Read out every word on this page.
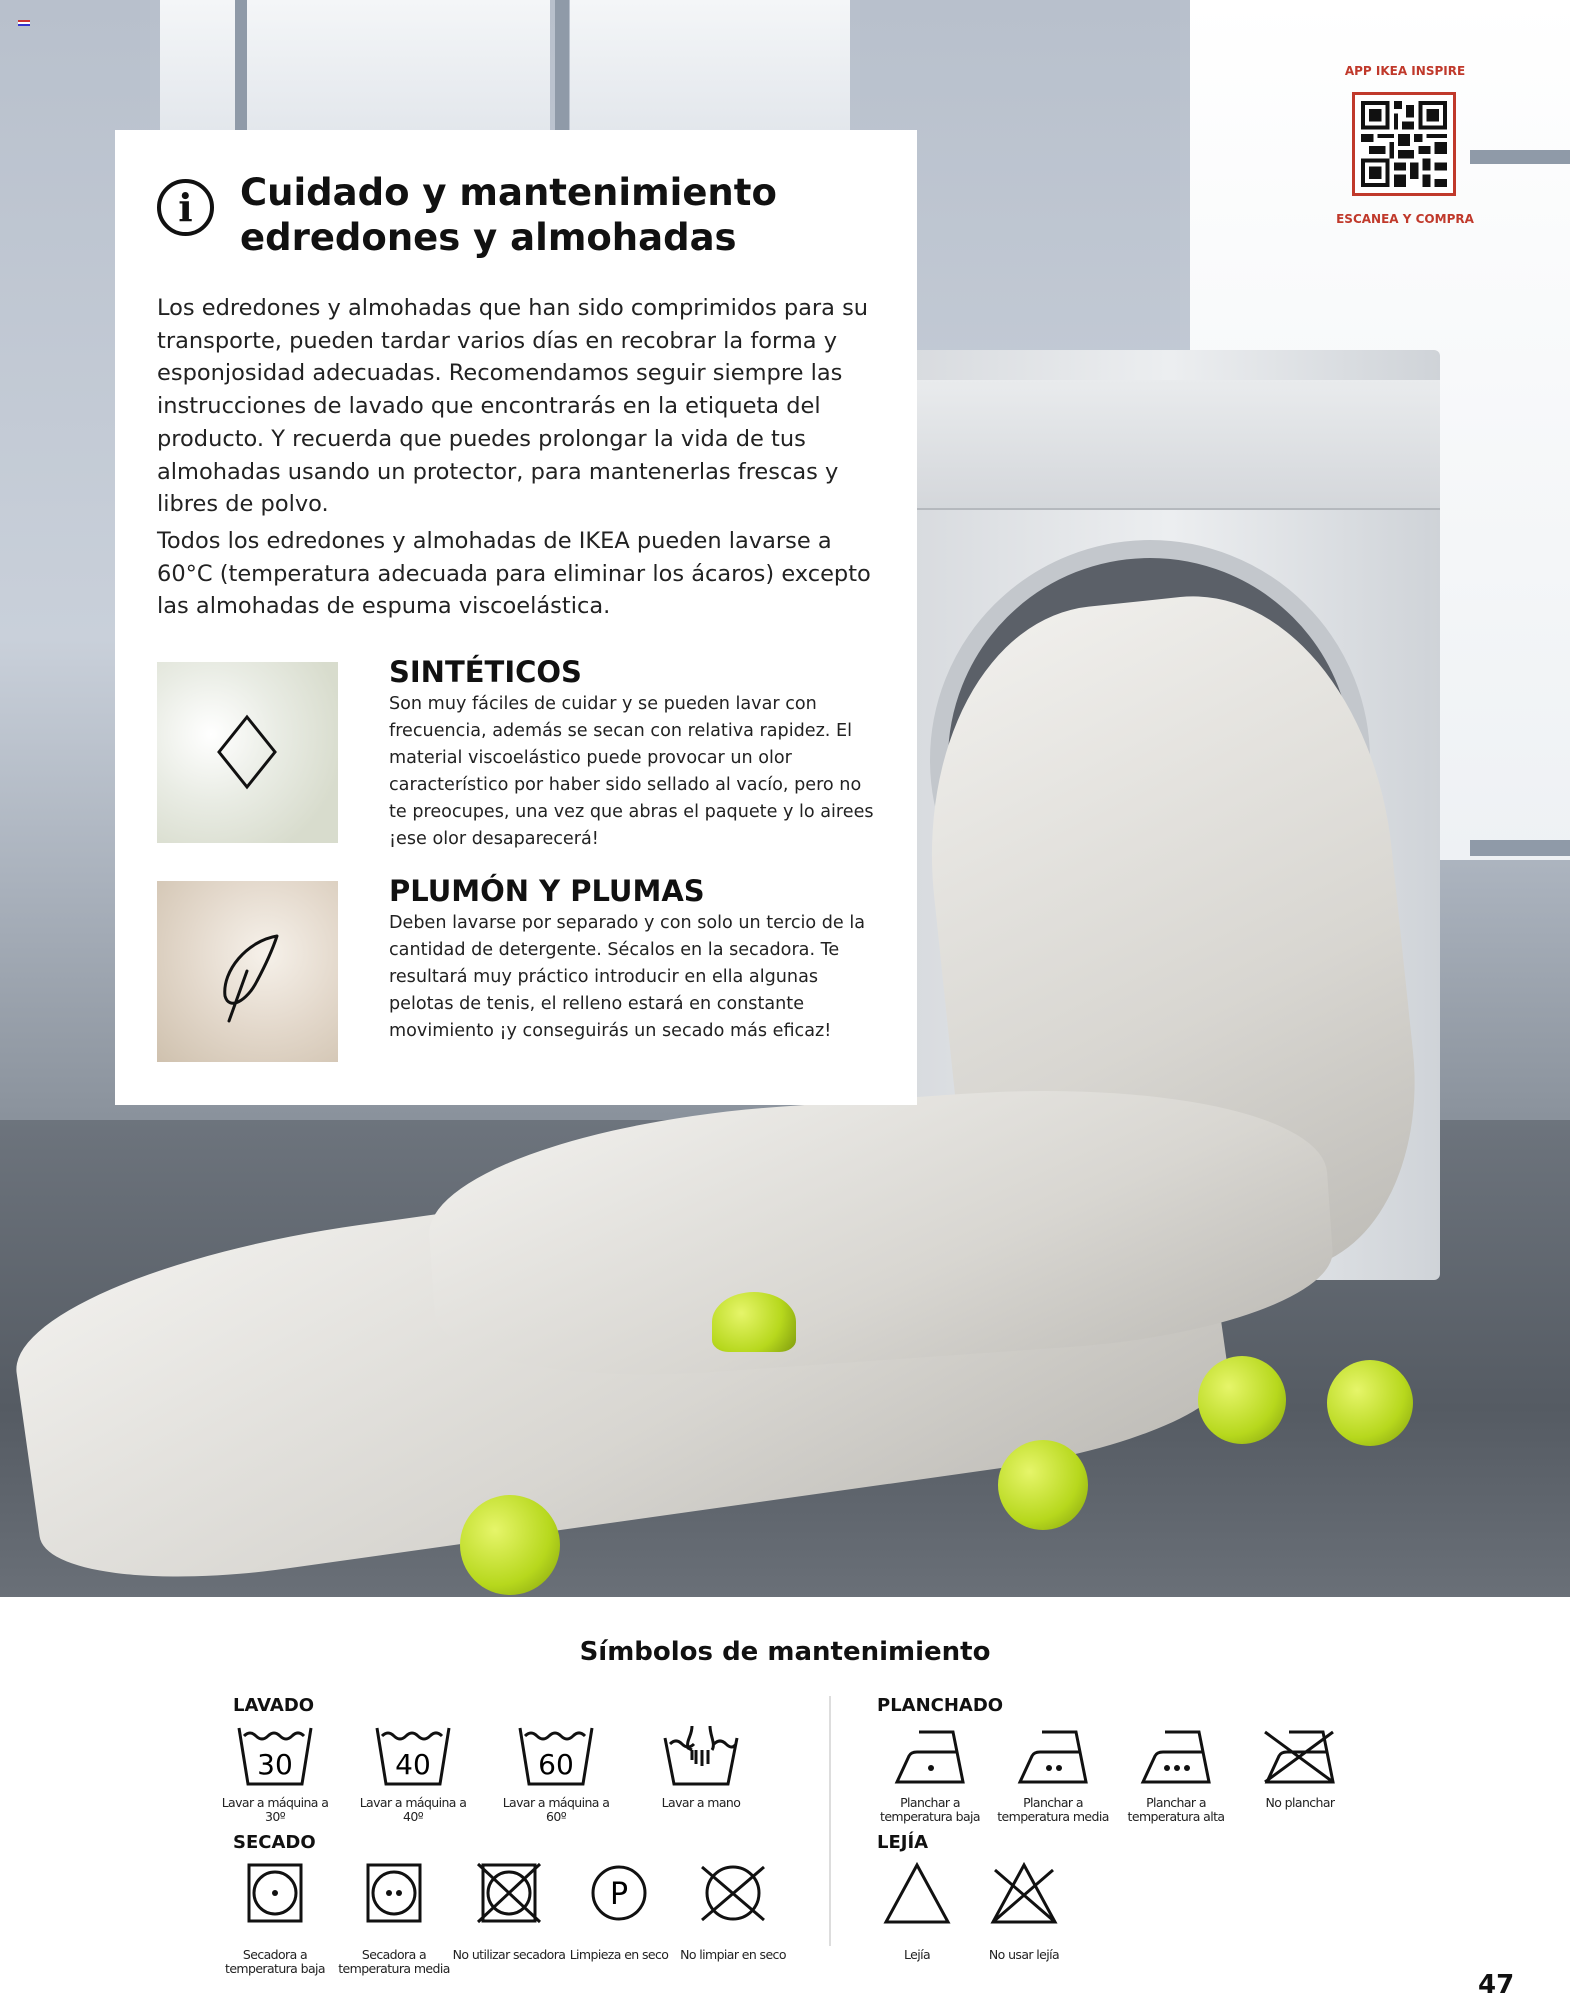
APP IKEA INSPIRE
ESCANEA Y COMPRA
i	Cuidado y mantenimiento
edredones y almohadas

Los edredones y almohadas que han sido comprimidos para su transporte, pueden tardar varios días en recobrar la forma y esponjosidad adecuadas. Recomendamos seguir siempre las instrucciones de lavado que encontrarás en la etiqueta del producto. Y recuerda que puedes prolongar la vida de tus almohadas usando un protector, para mantenerlas frescas y libres de polvo.

Todos los edredones y almohadas de IKEA pueden lavarse a 60°C (temperatura adecuada para eliminar los ácaros) excepto las almohadas de espuma viscoelástica.

SINTÉTICOS
Son muy fáciles de cuidar y se pueden lavar con frecuencia, además se secan con relativa rapidez. El material viscoelástico puede provocar un olor característico por haber sido sellado al vacío, pero no te preocupes, una vez que abras el paquete y lo airees ¡ese olor desaparecerá!
PLUMÓN Y PLUMAS
Deben lavarse por separado y con solo un tercio de la cantidad de detergente. Sécalos en la secadora. Te resultará muy práctico introducir en ella algunas pelotas de tenis, el relleno estará en constante movimiento ¡y conseguirás un secado más eficaz!
Símbolos de mantenimiento
LAVADO
30
Lavar a máquina a 30º
40
Lavar a máquina a 40º
60
Lavar a máquina a 60º
Lavar a mano
SECADO
Secadora a temperatura baja
Secadora a temperatura media
No utilizar secadora
P
Limpieza en seco No limpiar en seco
PLANCHADO
Planchar a temperatura baja
Planchar a temperatura media
Planchar a temperatura alta
No planchar
LEJÍA
Lejía	No usar lejía
47
